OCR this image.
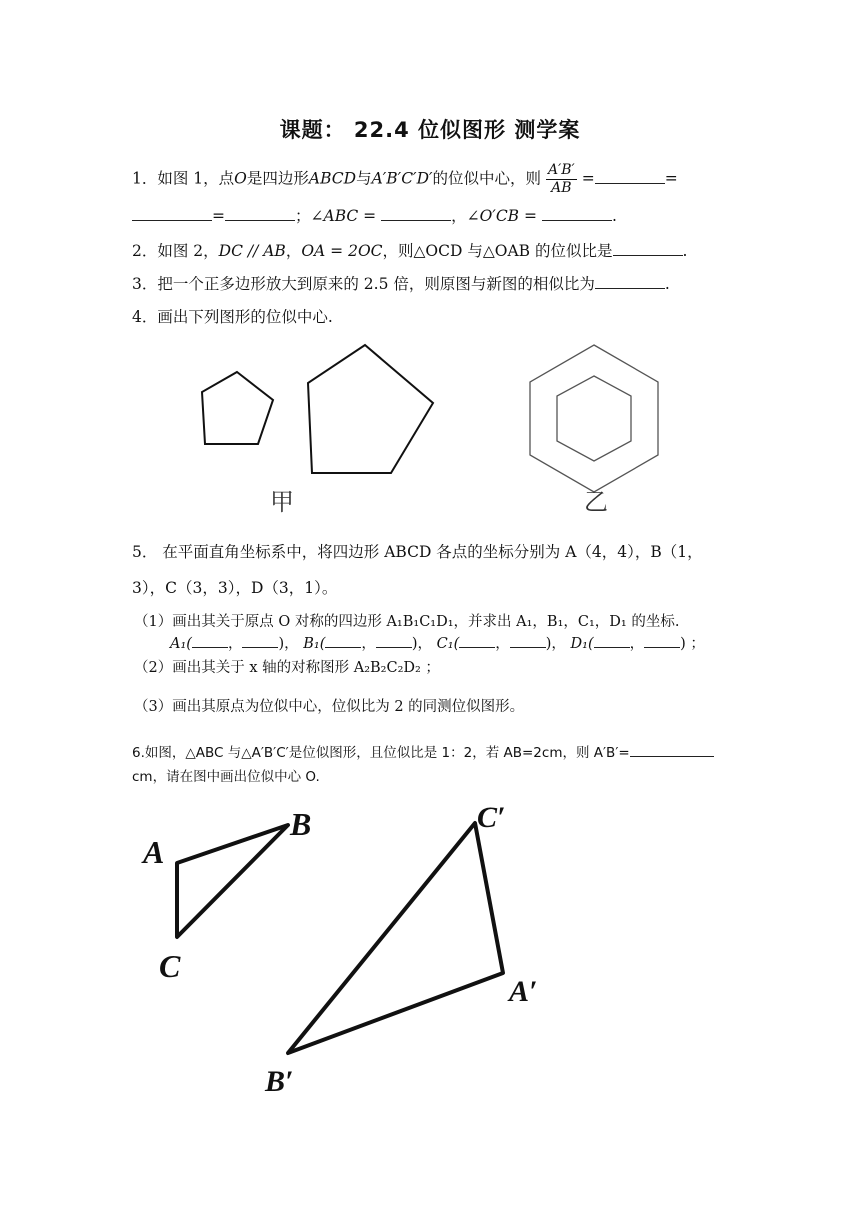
课题： 22.4 位似图形 测学案
1．如图 1，点O是四边形ABCD与A′B′C′D′的位似中心，则 $\frac{A'B'}{AB}$ =	=
=	；∠ABC =	，∠O′CB =	.
2．如图 2，DC // AB，OA = 2OC，则△OCD 与△OAB 的位似比是	.
3．把一个正多边形放大到原来的 2.5 倍，则原图与新图的相似比为	.
4．画出下列图形的位似中心.
甲	乙
5． 在平面直角坐标系中，将四边形 ABCD 各点的坐标分别为 A（4，4），B（1，
3），C（3，3），D（3，1）。
（1）画出其关于原点 O 对称的四边形 A₁B₁C₁D₁，并求出 A₁，B₁，C₁，D₁ 的坐标.
A₁( ， )， B₁( ， )， C₁( ， )， D₁( ， ) ；
（2）画出其关于 x 轴的对称图形 A₂B₂C₂D₂ ；
（3）画出其原点为位似中心，位似比为 2 的同测位似图形。
6.如图，△ABC 与△A′B′C′是位似图形，且位似比是 1：2，若 AB=2cm，则 A′B′=
cm，请在图中画出位似中心 O.
A
B
C
C′
A′
B′
